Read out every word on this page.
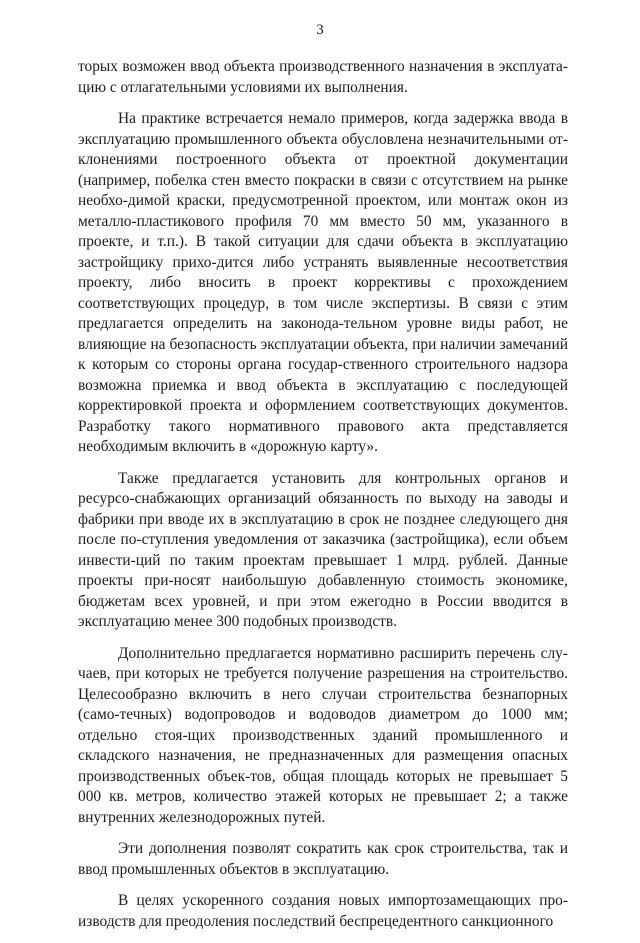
3

торых возможен ввод объекта производственного назначения в эксплуата-цию с отлагательными условиями их выполнения.

На практике встречается немало примеров, когда задержка ввода в эксплуатацию промышленного объекта обусловлена незначительными от-клонениями построенного объекта от проектной документации (например, побелка стен вместо покраски в связи с отсутствием на рынке необхо-димой краски, предусмотренной проектом, или монтаж окон из металло-пластикового профиля 70 мм вместо 50 мм, указанного в проекте, и т.п.). В такой ситуации для сдачи объекта в эксплуатацию застройщику прихо-дится либо устранять выявленные несоответствия проекту, либо вносить в проект коррективы с прохождением соответствующих процедур, в том числе экспертизы. В связи с этим предлагается определить на законода-тельном уровне виды работ, не влияющие на безопасность эксплуатации объекта, при наличии замечаний к которым со стороны органа государ-ственного строительного надзора возможна приемка и ввод объекта в эксплуатацию с последующей корректировкой проекта и оформлением соответствующих документов. Разработку такого нормативного правового акта представляется необходимым включить в «дорожную карту».

Также предлагается установить для контрольных органов и ресурсо-снабжающих организаций обязанность по выходу на заводы и фабрики при вводе их в эксплуатацию в срок не позднее следующего дня после по-ступления уведомления от заказчика (застройщика), если объем инвести-ций по таким проектам превышает 1 млрд. рублей. Данные проекты при-носят наибольшую добавленную стоимость экономике, бюджетам всех уровней, и при этом ежегодно в России вводится в эксплуатацию менее 300 подобных производств.

Дополнительно предлагается нормативно расширить перечень слу-чаев, при которых не требуется получение разрешения на строительство. Целесообразно включить в него случаи строительства безнапорных (само-течных) водопроводов и водоводов диаметром до 1000 мм; отдельно стоя-щих производственных зданий промышленного и складского назначения, не предназначенных для размещения опасных производственных объек-тов, общая площадь которых не превышает 5 000 кв. метров, количество этажей которых не превышает 2; а также внутренних железнодорожных путей.

Эти дополнения позволят сократить как срок строительства, так и ввод промышленных объектов в эксплуатацию.

В целях ускоренного создания новых импортозамещающих про-изводств для преодоления последствий беспрецедентного санкционного
